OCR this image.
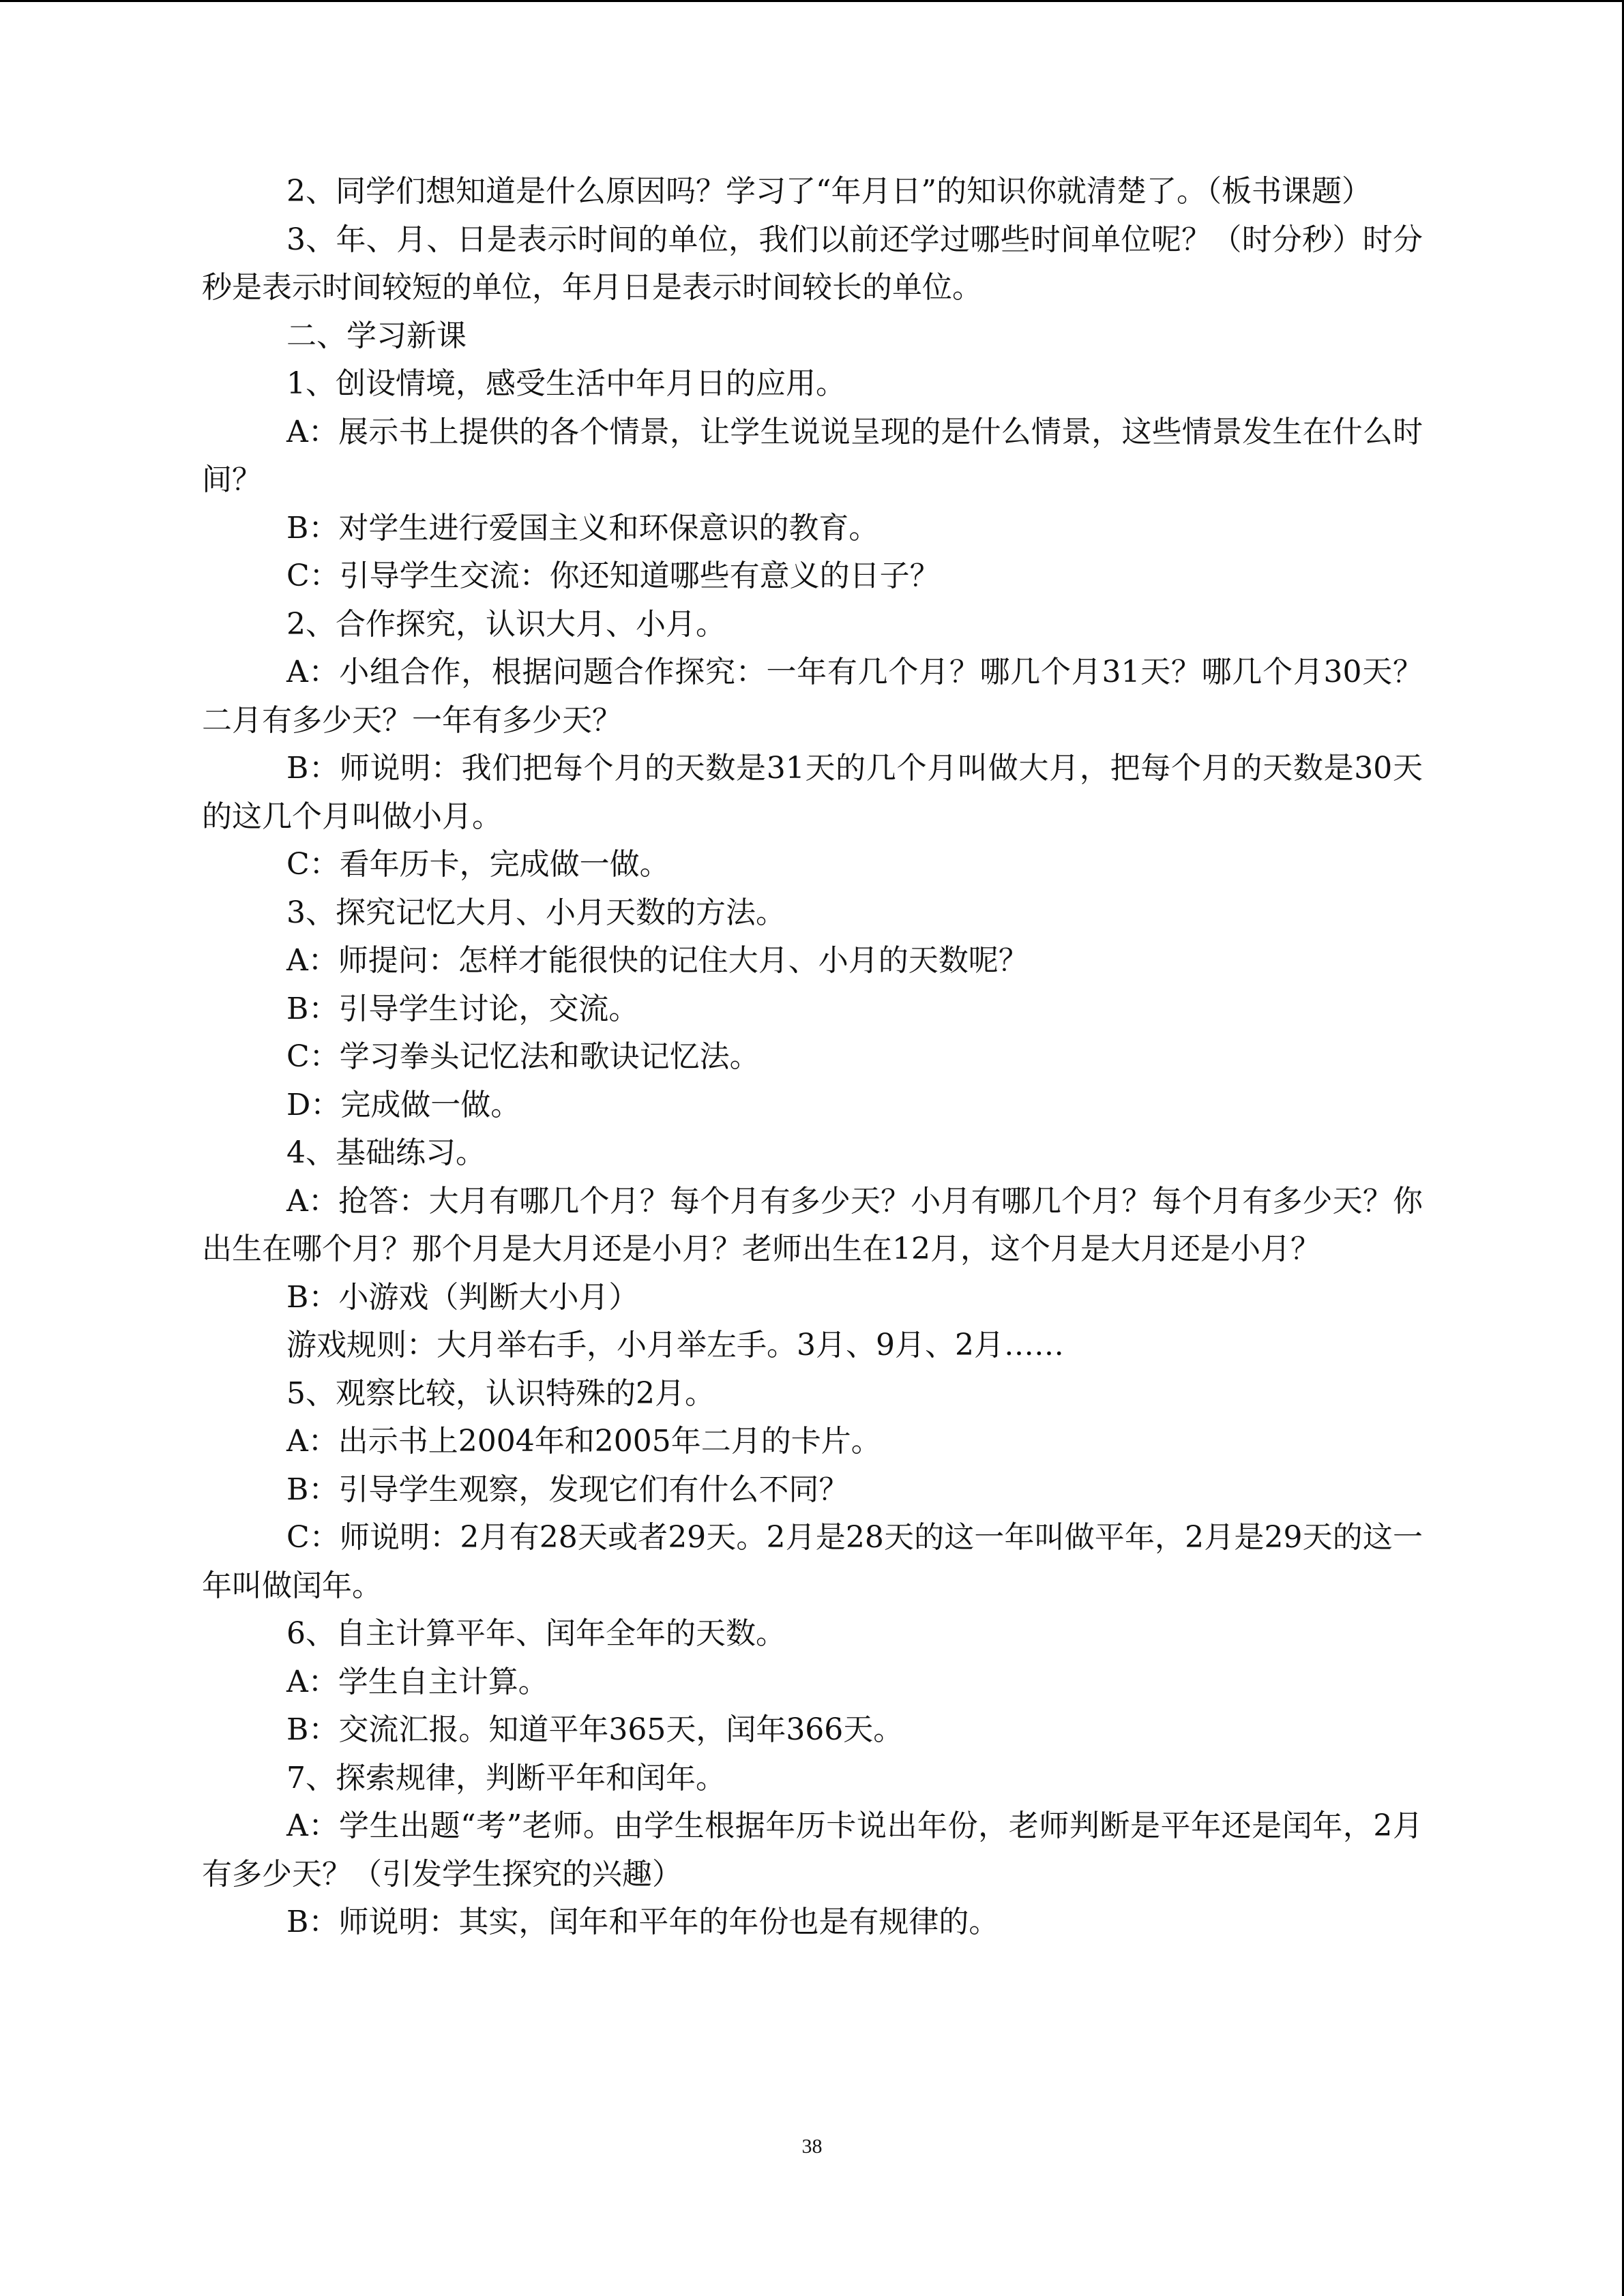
2、同学们想知道是什么原因吗？学习了“年月日”的知识你就清楚了。（板书课题）

3、年、月、日是表示时间的单位，我们以前还学过哪些时间单位呢？（时分秒）时分秒是表示时间较短的单位，年月日是表示时间较长的单位。

二、学习新课

1、创设情境，感受生活中年月日的应用。

A：展示书上提供的各个情景，让学生说说呈现的是什么情景，这些情景发生在什么时间？

B：对学生进行爱国主义和环保意识的教育。

C：引导学生交流：你还知道哪些有意义的日子？

2、合作探究，认识大月、小月。

A：小组合作，根据问题合作探究：一年有几个月？哪几个月31天？哪几个月30天？二月有多少天？一年有多少天？

B：师说明：我们把每个月的天数是31天的几个月叫做大月，把每个月的天数是30天的这几个月叫做小月。

C：看年历卡，完成做一做。

3、探究记忆大月、小月天数的方法。

A：师提问：怎样才能很快的记住大月、小月的天数呢？

B：引导学生讨论，交流。

C：学习拳头记忆法和歌诀记忆法。

D：完成做一做。

4、基础练习。

A：抢答：大月有哪几个月？每个月有多少天？小月有哪几个月？每个月有多少天？你出生在哪个月？那个月是大月还是小月？老师出生在12月，这个月是大月还是小月？

B：小游戏（判断大小月）

游戏规则：大月举右手，小月举左手。3月、9月、2月……

5、观察比较，认识特殊的2月。

A：出示书上2004年和2005年二月的卡片。

B：引导学生观察，发现它们有什么不同？

C：师说明：2月有28天或者29天。2月是28天的这一年叫做平年，2月是29天的这一年叫做闰年。

6、自主计算平年、闰年全年的天数。

A：学生自主计算。

B：交流汇报。知道平年365天，闰年366天。

7、探索规律，判断平年和闰年。

A：学生出题“考”老师。由学生根据年历卡说出年份，老师判断是平年还是闰年，2月有多少天？（引发学生探究的兴趣）

B：师说明：其实，闰年和平年的年份也是有规律的。

38
